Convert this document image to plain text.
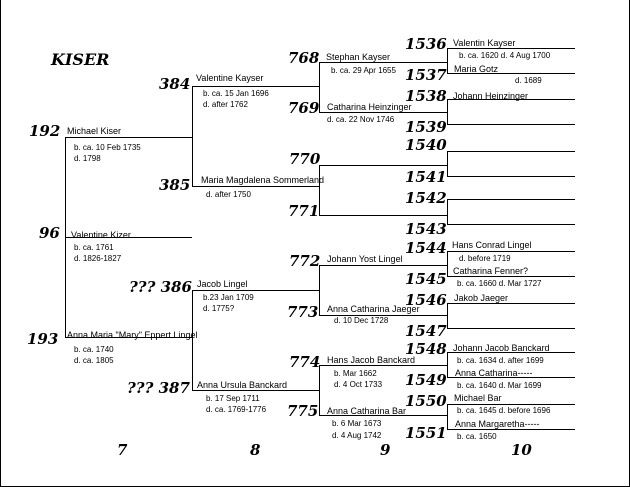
KISER
96 Valentine Kizer
b. ca. 1761
d. 1826-1827
192 Michael Kiser
b. ca. 10 Feb 1735
d. 1798
193 Anna Maria "Mary" Eppert Lingel
b. ca. 1740
d. ca. 1805
384 Valentine Kayser
b. ca. 15 Jan 1696
d. after 1762
385 Maria Magdalena Sommerland
d. after 1750
??? 386 Jacob Lingel
b.23 Jan 1709
d. 1775?
??? 387 Anna Ursula Banckard
b. 17 Sep 1711
d. ca. 1769-1776
768 Stephan Kayser
b. ca. 29 Apr 1655
769 Catharina Heinzinger
d. ca. 22 Nov 1746
770
771
772 Johann Yost Lingel
773 Anna Catharina Jaeger
d. 10 Dec 1728
774 Hans Jacob Banckard
b. Mar 1662
d. 4 Oct 1733
775 Anna Catharina Bar
b. 6 Mar 1673
d. 4 Aug 1742
1536
1537
1538
1539
1540
1541
1542
1543
1544
1545
1546
1547
1548
1549
1550
1551
Valentin Kayser
b. ca. 1620 d. 4 Aug 1700
Maria Gotz
d. 1689
Johann Heinzinger
Hans Conrad Lingel
d. before 1719
Catharina Fenner?
b. ca. 1660 d. Mar 1727
Jakob Jaeger
Johann Jacob Banckard
b. ca. 1634 d. after 1699
Anna Catharina-----
b. ca. 1640 d. Mar 1699
Michael Bar
b. ca. 1645 d. before 1696
Anna Margaretha-----
b. ca. 1650
7	8	9	10
